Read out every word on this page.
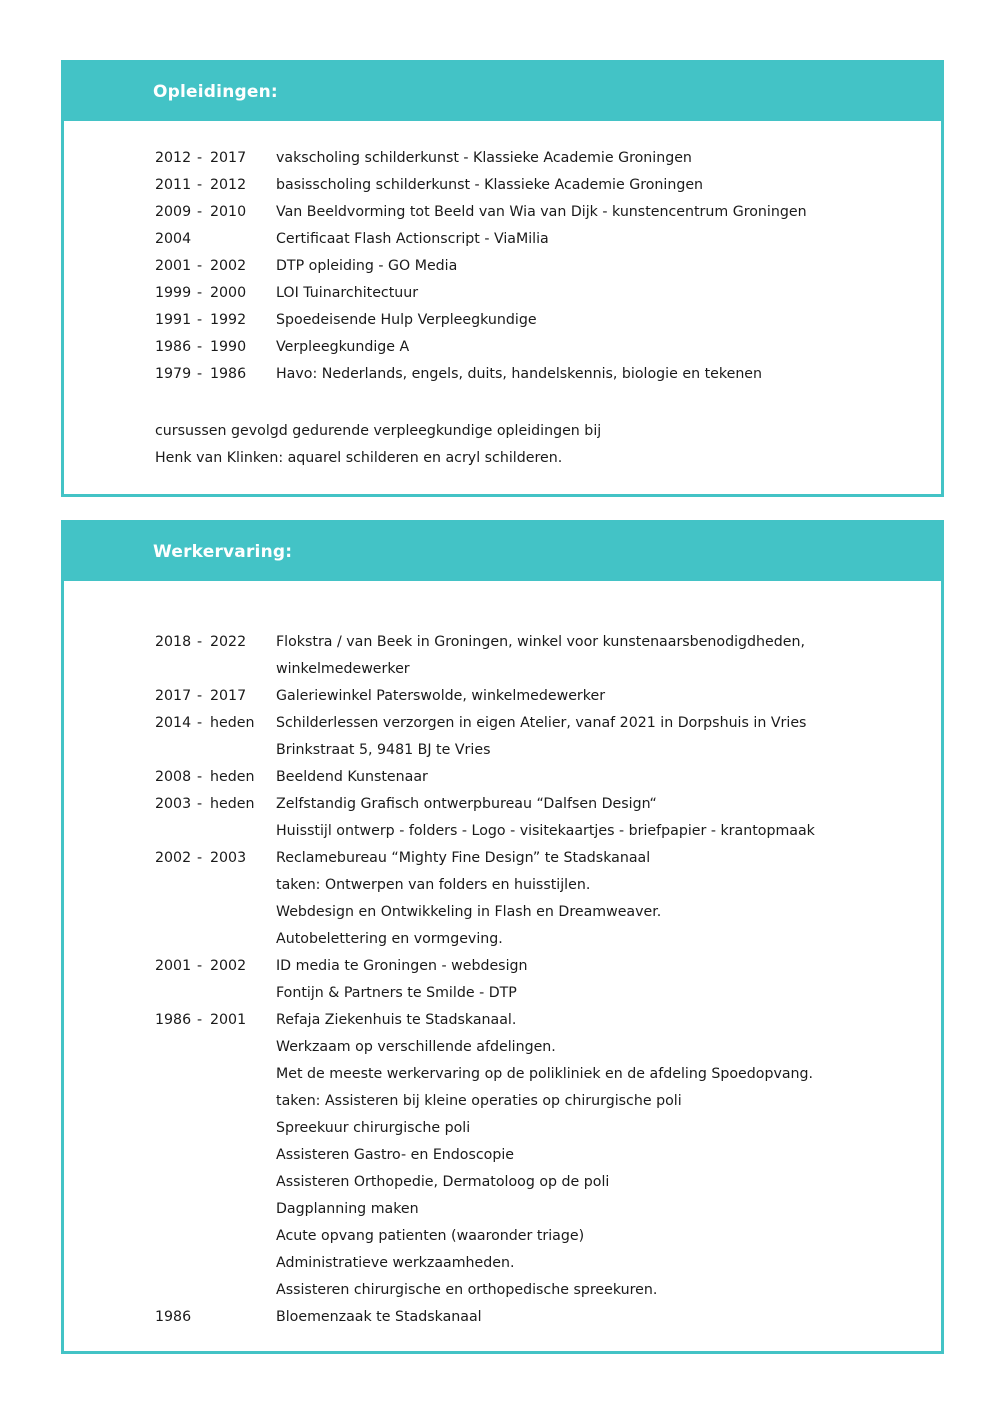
Opleidingen:
2012 - 2017 vakscholing schilderkunst - Klassieke Academie Groningen
2011 - 2012 basisscholing schilderkunst - Klassieke Academie Groningen
2009 - 2010 Van Beeldvorming tot Beeld van Wia van Dijk - kunstencentrum Groningen
2004	Certificaat Flash Actionscript - ViaMilia
2001 - 2002 DTP opleiding - GO Media
1999 - 2000 LOI Tuinarchitectuur
1991 - 1992 Spoedeisende Hulp Verpleegkundige
1986 - 1990 Verpleegkundige A
1979 - 1986 Havo: Nederlands, engels, duits, handelskennis, biologie en tekenen
cursussen gevolgd gedurende verpleegkundige opleidingen bij
Henk van Klinken: aquarel schilderen en acryl schilderen.
Werkervaring:
2018 - 2022 Flokstra / van Beek in Groningen, winkel voor kunstenaarsbenodigdheden,
winkelmedewerker
2017 - 2017 Galeriewinkel Paterswolde, winkelmedewerker
2014 - heden Schilderlessen verzorgen in eigen Atelier, vanaf 2021 in Dorpshuis in Vries
Brinkstraat 5, 9481 BJ te Vries
2008 - heden Beeldend Kunstenaar
2003 - heden Zelfstandig Grafisch ontwerpbureau “Dalfsen Design“
Huisstijl ontwerp - folders - Logo - visitekaartjes - briefpapier - krantopmaak
2002 - 2003 Reclamebureau “Mighty Fine Design” te Stadskanaal
taken: Ontwerpen van folders en huisstijlen.
Webdesign en Ontwikkeling in Flash en Dreamweaver.
Autobelettering en vormgeving.
2001 - 2002 ID media te Groningen - webdesign
Fontijn & Partners te Smilde - DTP
1986 - 2001 Refaja Ziekenhuis te Stadskanaal.
Werkzaam op verschillende afdelingen.
Met de meeste werkervaring op de polikliniek en de afdeling Spoedopvang.
taken: Assisteren bij kleine operaties op chirurgische poli
Spreekuur chirurgische poli
Assisteren Gastro- en Endoscopie
Assisteren Orthopedie, Dermatoloog op de poli
Dagplanning maken
Acute opvang patienten (waaronder triage)
Administratieve werkzaamheden.
Assisteren chirurgische en orthopedische spreekuren.
1986	Bloemenzaak te Stadskanaal
